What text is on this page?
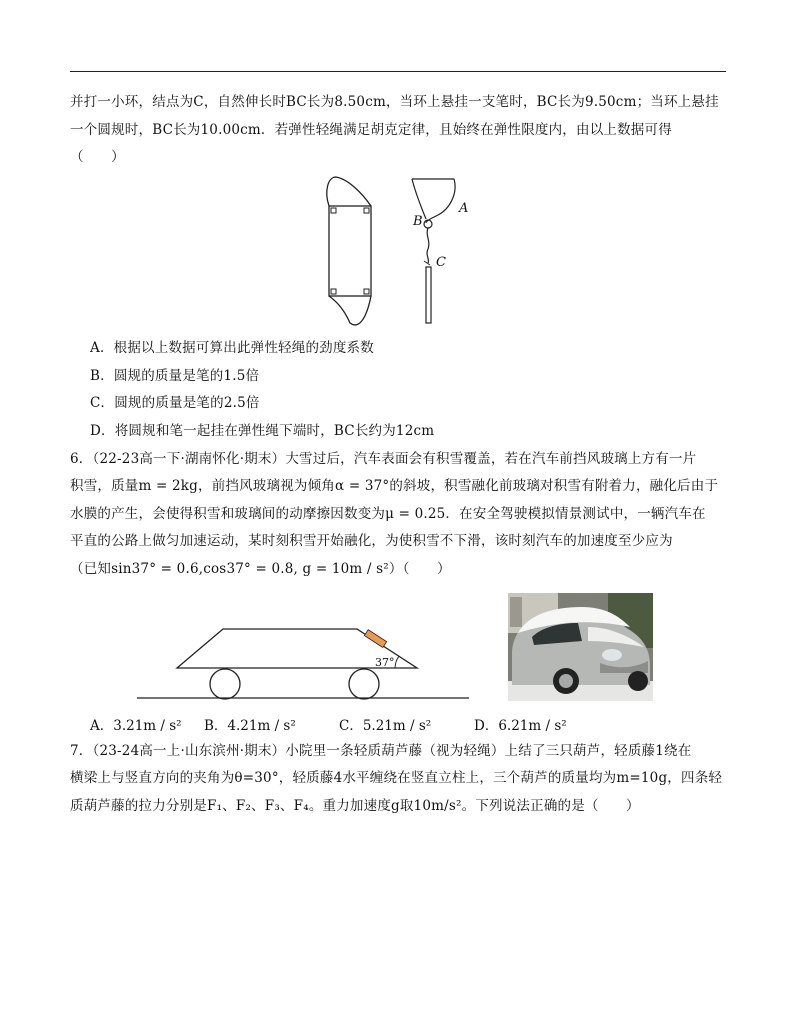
并打一小环，结点为C，自然伸长时BC长为8.50cm，当环上悬挂一支笔时，BC长为9.50cm；当环上悬挂
一个圆规时，BC长为10.00cm．若弹性轻绳满足胡克定律，且始终在弹性限度内，由以上数据可得
（　　）
A
B
C
A．根据以上数据可算出此弹性轻绳的劲度系数
B．圆规的质量是笔的1.5倍
C．圆规的质量是笔的2.5倍
D．将圆规和笔一起挂在弹性绳下端时，BC长约为12cm
6．（22-23高一下·湖南怀化·期末）大雪过后，汽车表面会有积雪覆盖，若在汽车前挡风玻璃上方有一片
积雪，质量m = 2kg，前挡风玻璃视为倾角α = 37°的斜坡，积雪融化前玻璃对积雪有附着力，融化后由于
水膜的产生，会使得积雪和玻璃间的动摩擦因数变为μ = 0.25．在安全驾驶模拟情景测试中，一辆汽车在
平直的公路上做匀加速运动，某时刻积雪开始融化，为使积雪不下滑，该时刻汽车的加速度至少应为
（已知sin37° = 0.6,cos37° = 0.8, g = 10m / s²）（　　）
37°
A．3.21m / s² B．4.21m / s²	C．5.21m / s²	D．6.21m / s²
7．（23-24高一上·山东滨州·期末）小院里一条轻质葫芦藤（视为轻绳）上结了三只葫芦，轻质藤1绕在
横梁上与竖直方向的夹角为θ=30°，轻质藤4水平缠绕在竖直立柱上，三个葫芦的质量均为m=10g，四条轻
质葫芦藤的拉力分别是F₁、F₂、F₃、F₄。重力加速度g取10m/s²。下列说法正确的是（　　）
